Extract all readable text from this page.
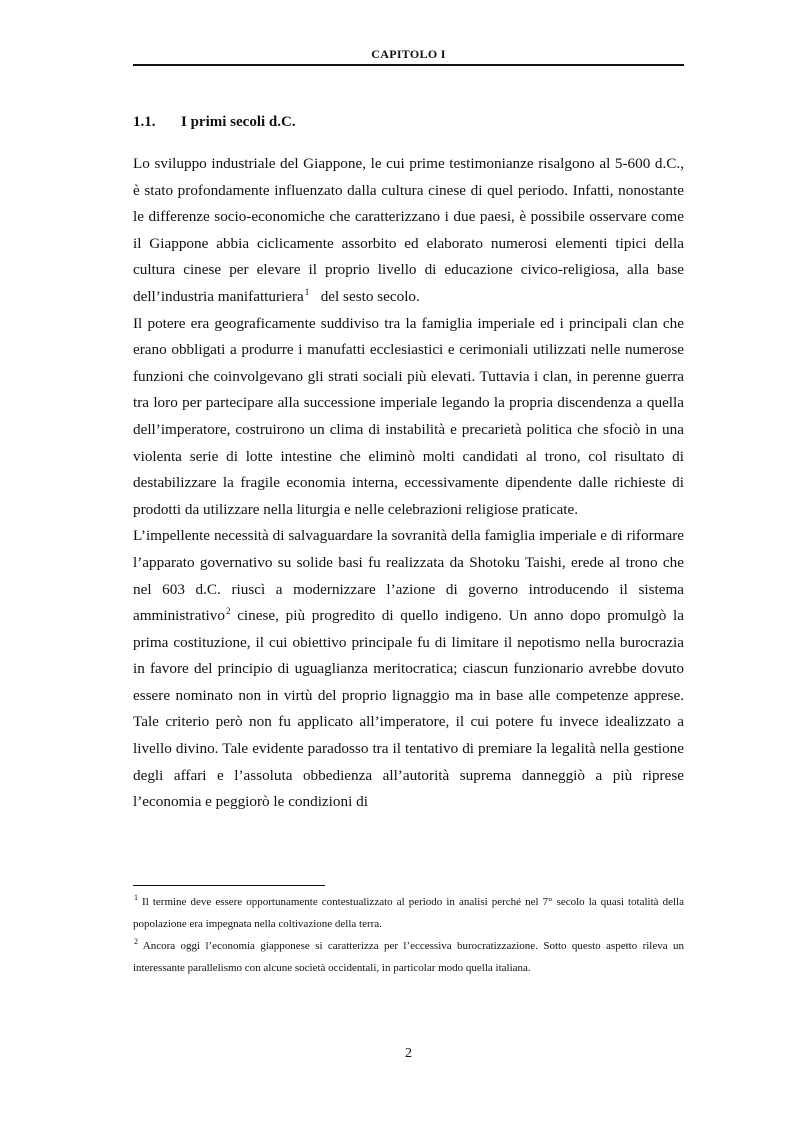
CAPITOLO I
1.1. I primi secoli d.C.

Lo sviluppo industriale del Giappone, le cui prime testimonianze risalgono al 5-600 d.C., è stato profondamente influenzato dalla cultura cinese di quel periodo. Infatti, nonostante le differenze socio-economiche che caratterizzano i due paesi, è possibile osservare come il Giappone abbia ciclicamente assorbito ed elaborato numerosi elementi tipici della cultura cinese per elevare il proprio livello di educazione civico-religiosa, alla base dell’industria manifatturiera$^1$   del sesto secolo.

Il potere era geograficamente suddiviso tra la famiglia imperiale ed i principali clan che erano obbligati a produrre i manufatti ecclesiastici e cerimoniali utilizzati nelle numerose funzioni che coinvolgevano gli strati sociali più elevati. Tuttavia i clan, in perenne guerra tra loro per partecipare alla successione imperiale legando la propria discendenza a quella dell’imperatore, costruirono un clima di instabilità e precarietà politica che sfociò in una violenta serie di lotte intestine che eliminò molti candidati al trono, col risultato di destabilizzare la fragile economia interna, eccessivamente dipendente dalle richieste di prodotti da utilizzare nella liturgia e nelle celebrazioni religiose praticate.

L’impellente necessità di salvaguardare la sovranità della famiglia imperiale e di riformare l’apparato governativo su solide basi fu realizzata da Shotoku Taishi, erede al trono che nel 603 d.C. riuscì a modernizzare l’azione di governo introducendo il sistema amministrativo$^2$ cinese, più progredito di quello indigeno. Un anno dopo promulgò la prima costituzione, il cui obiettivo principale fu di limitare il nepotismo nella burocrazia in favore del principio di uguaglianza meritocratica; ciascun funzionario avrebbe dovuto essere nominato non in virtù del proprio lignaggio ma in base alle competenze apprese. Tale criterio però non fu applicato all’imperatore, il cui potere fu invece idealizzato a livello divino. Tale evidente paradosso tra il tentativo di premiare la legalità nella gestione degli affari e l’assoluta obbedienza all’autorità suprema danneggiò a più riprese l’economia e peggiorò le condizioni di

$^1$ Il termine deve essere opportunamente contestualizzato al periodo in analisi perché nel 7° secolo la quasi totalità della popolazione era impegnata nella coltivazione della terra.

$^2$ Ancora oggi l’economia giapponese si caratterizza per l’eccessiva burocratizzazione. Sotto questo aspetto rileva un interessante parallelismo con alcune società occidentali, in particolar modo quella italiana.

2
